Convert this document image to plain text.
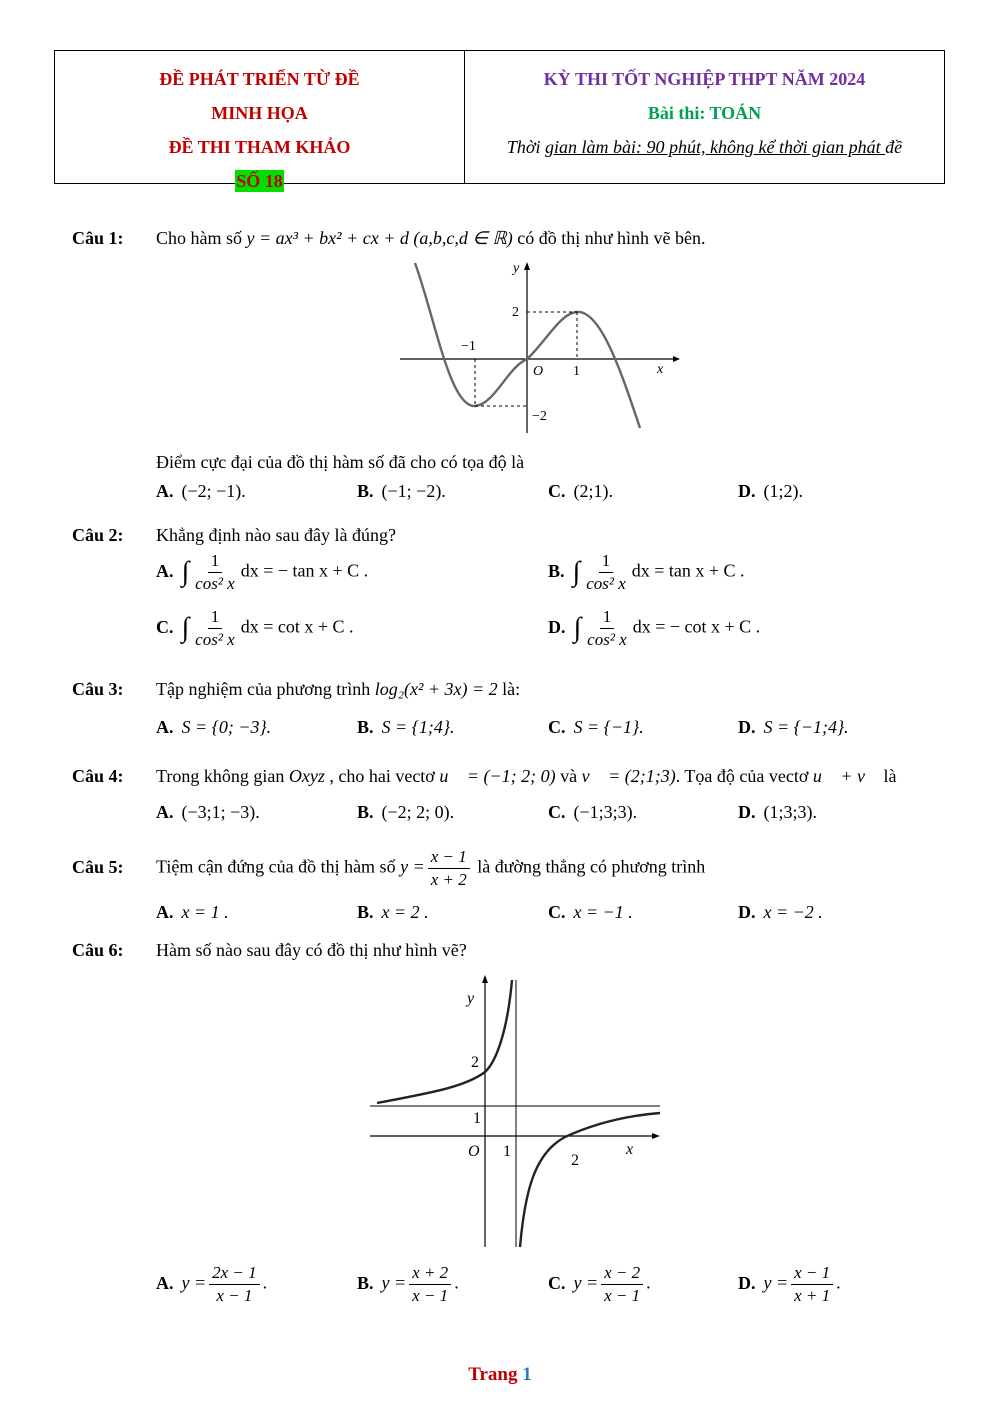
ĐỀ PHÁT TRIỂN TỪ ĐỀ
MINH HỌA
ĐỀ THI THAM KHẢO
SỐ 18
KỲ THI TỐT NGHIỆP THPT NĂM 2024
Bài thi: TOÁN
Thời gian làm bài: 90 phút, không kể thời gian phát đề
Câu 1: Cho hàm số y = ax³ + bx² + cx + d (a,b,c,d ∈ ℝ) có đồ thị như hình vẽ bên.
y
x
O
2
−1
1
−2
Điểm cực đại của đồ thị hàm số đã cho có tọa độ là
A. (−2; −1).	B. (−1; −2).	C. (2;1).	D. (1;2).
Câu 2: Khẳng định nào sau đây là đúng?
A. ∫ $\frac{1}{\text{cos² x}}$ dx = − tan x + C .	B. ∫ $\frac{1}{\text{cos² x}}$ dx = tan x + C .
C. ∫ $\frac{1}{\text{cos² x}}$ dx = cot x + C .	D. ∫ $\frac{1}{\text{cos² x}}$ dx = − cot x + C .
Câu 3: Tập nghiệm của phương trình log₂(x² + 3x) = 2 là:
A. S = {0; −3}.	B. S = {1;4}.	C. S = {−1}.	D. S = {−1;4}.
Câu 4: Trong không gian Oxyz , cho hai vectơ u⃗ = (−1; 2; 0) và v⃗ = (2;1;3). Tọa độ của vectơ u⃗ + v⃗ là
A. (−3;1; −3).	B. (−2; 2; 0).	C. (−1;3;3).	D. (1;3;3).
Câu 5: Tiệm cận đứng của đồ thị hàm số $y = \frac{x - 1}{x + 2}$ là đường thẳng có phương trình
A. x = 1 .	B. x = 2 .	C. x = −1 .	D. x = −2 .
Câu 6: Hàm số nào sau đây có đồ thị như hình vẽ?
y
x
O
2
1
1
2
A. $y = \frac{2x - 1}{x - 1}$ .	B. $y = \frac{x + 2}{x - 1}$ .	C. $y = \frac{x - 2}{x - 1}$ .	D. $y = \frac{x - 1}{x + 1}$ .
Trang 1
